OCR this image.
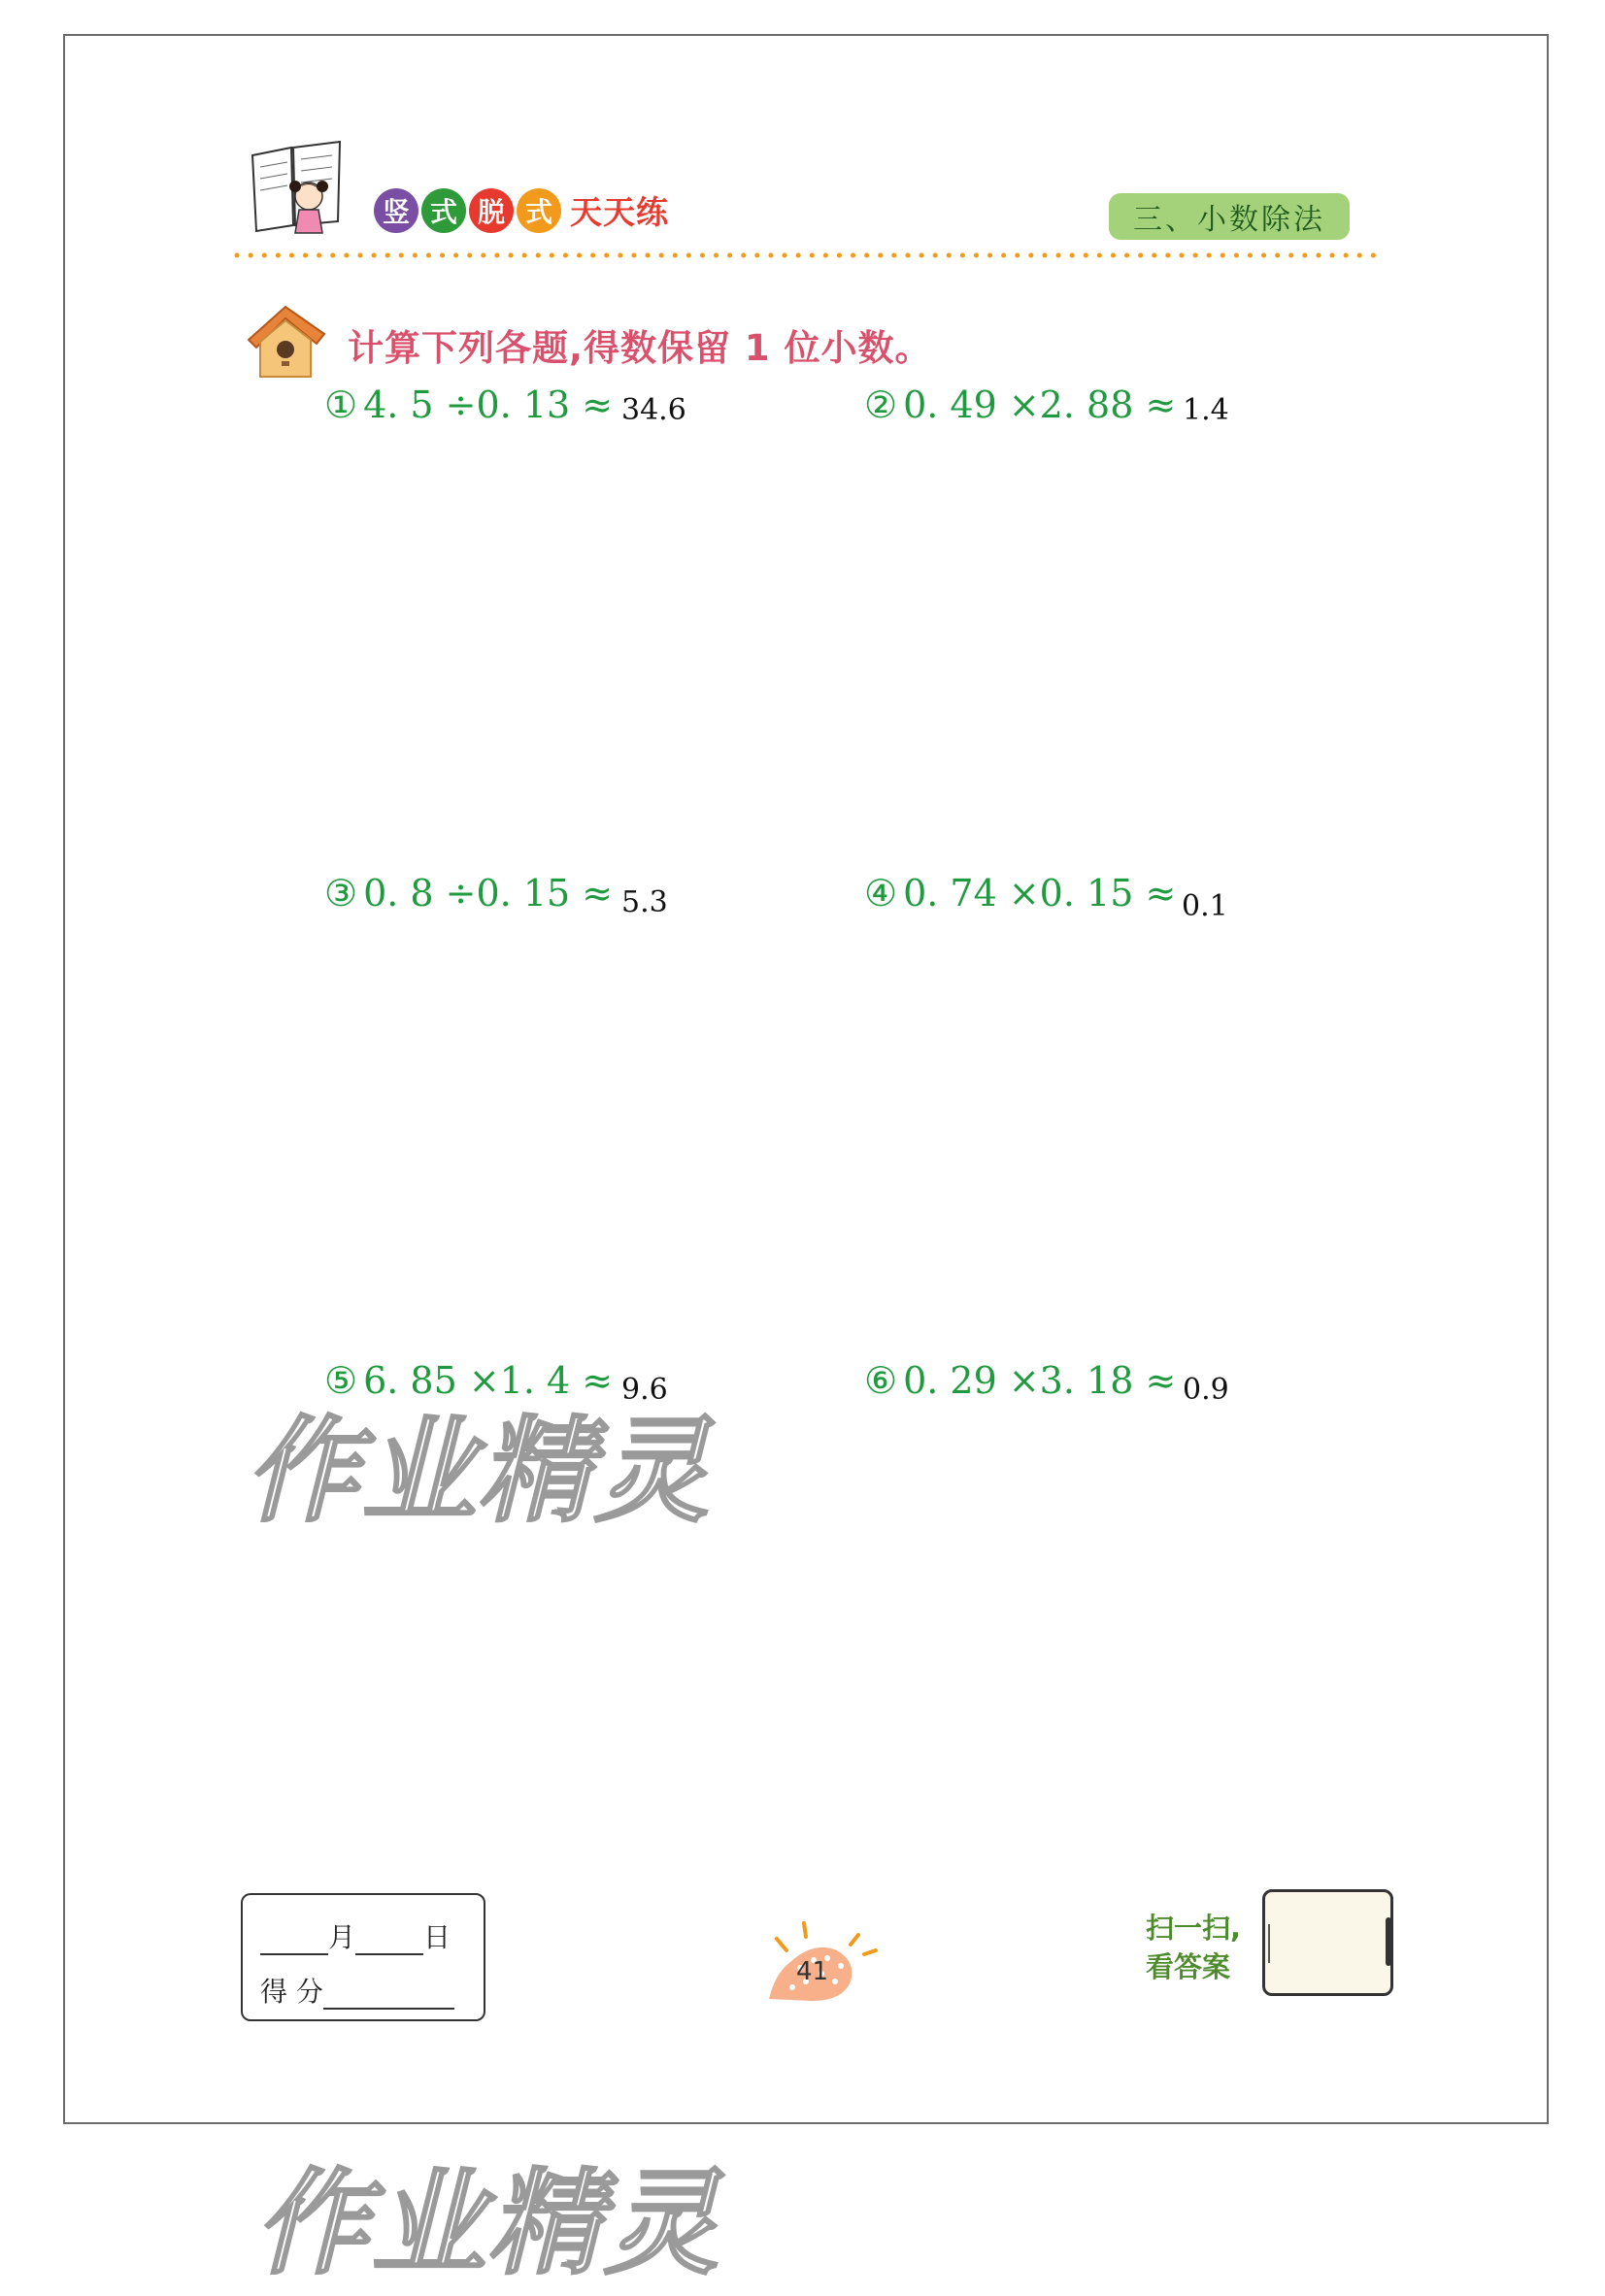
竖 式 脱 式 天天练	三、小数除法
计算下列各题,得数保留 1 位小数。
① 4. 5 ÷0. 13 ≈ 34.6	② 0. 49 ×2. 88 ≈ 1.4
③ 0. 8 ÷0. 15 ≈ 5.3	④ 0. 74 ×0. 15 ≈ 0.1
⑤ 6. 85 ×1. 4 ≈ 9.6	⑥ 0. 29 ×3. 18 ≈ 0.9
作业精灵
作业精灵
月	日
得 分
41
扫一扫,
看答案
